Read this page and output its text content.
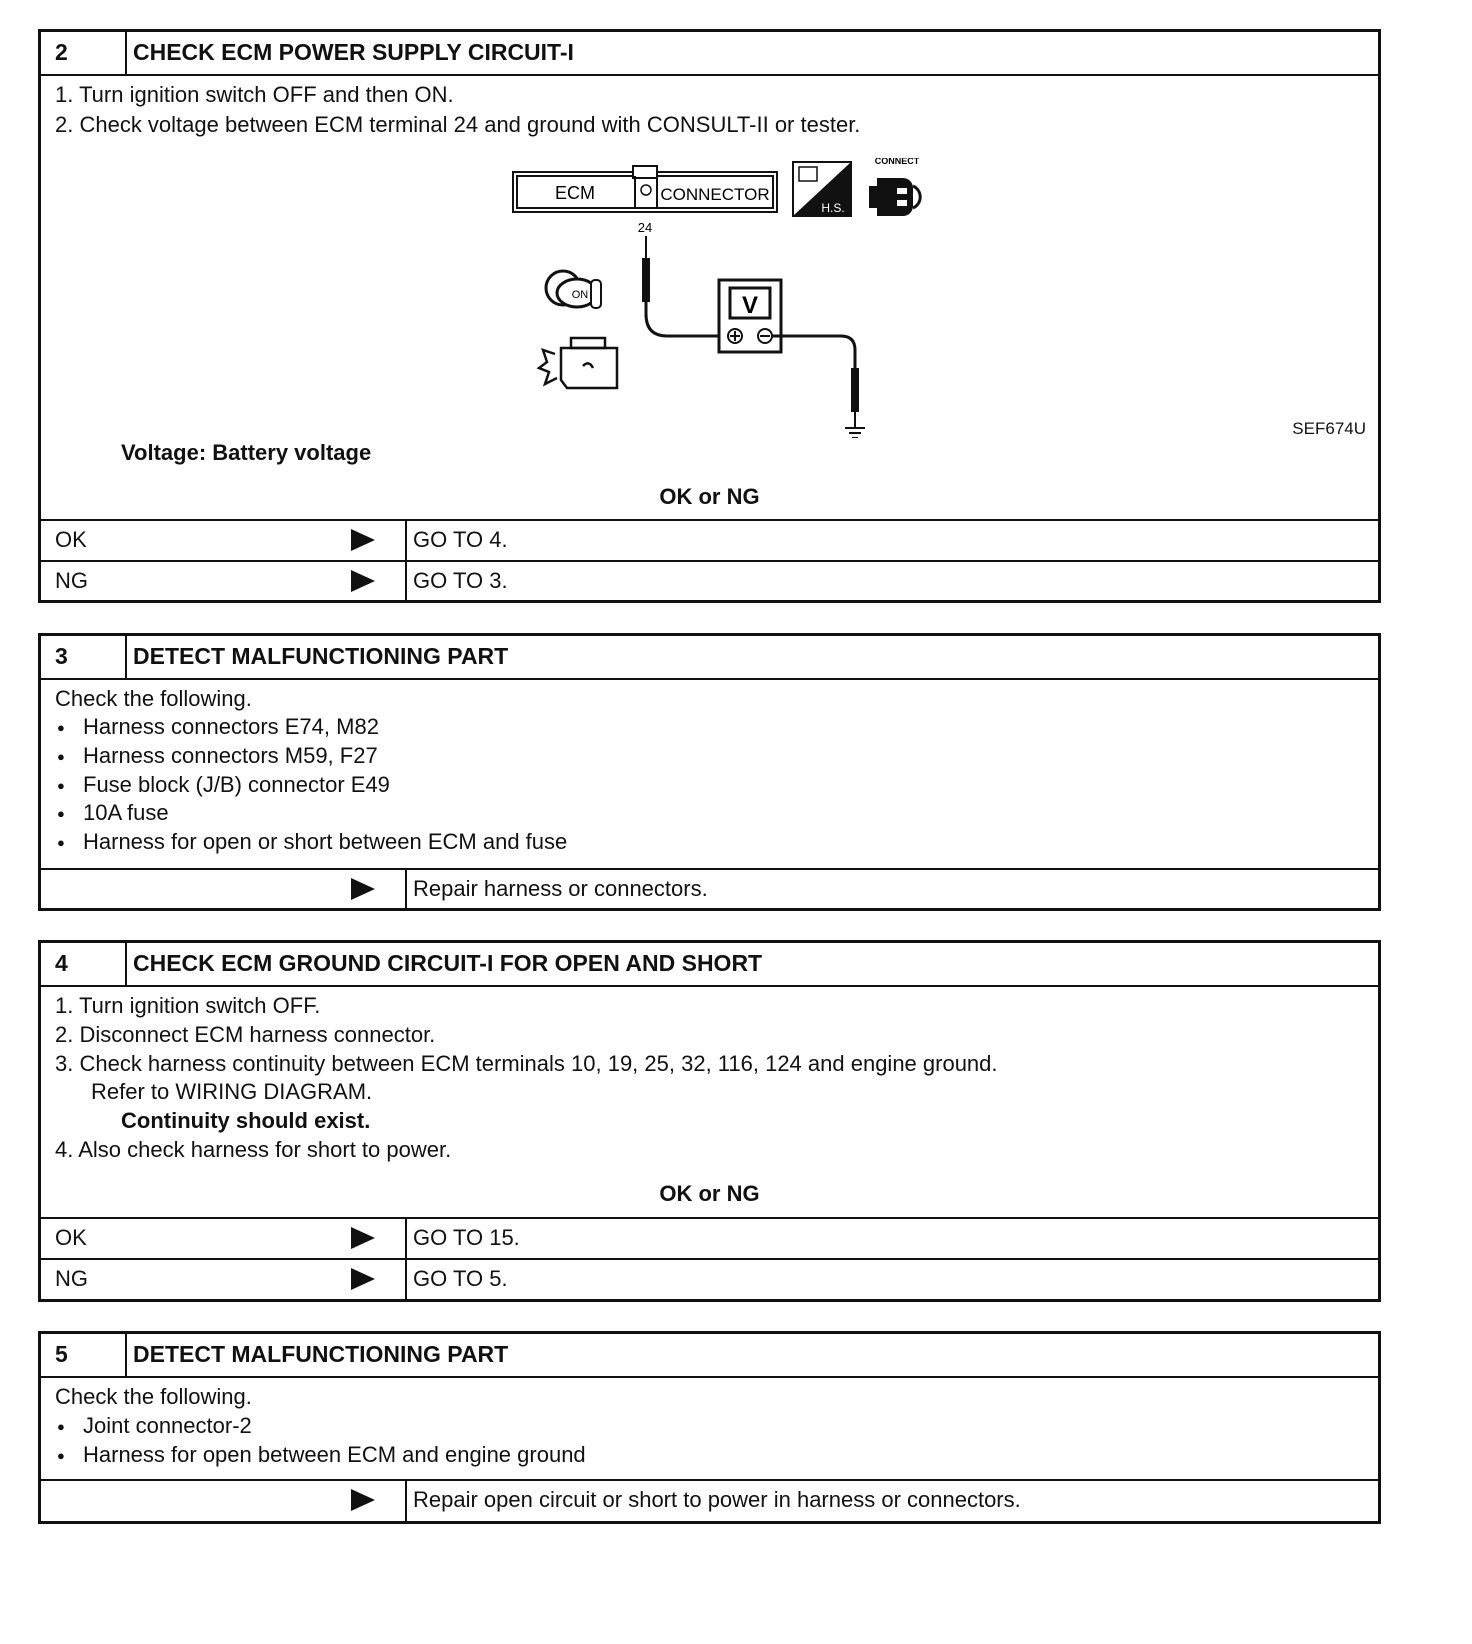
2	CHECK ECM POWER SUPPLY CIRCUIT-I
1. Turn ignition switch OFF and then ON.
2. Check voltage between ECM terminal 24 and ground with CONSULT-II or tester.
ECM	CONNECTOR
H.S.
CONNECT
24
V
ON
SEF674U
Voltage: Battery voltage
OK or NG
OK	GO TO 4.
NG	GO TO 3.
3	DETECT MALFUNCTIONING PART
Check the following.
● Harness connectors E74, M82
● Harness connectors M59, F27
● Fuse block (J/B) connector E49
● 10A fuse
● Harness for open or short between ECM and fuse
Repair harness or connectors.
4	CHECK ECM GROUND CIRCUIT-I FOR OPEN AND SHORT
1. Turn ignition switch OFF.
2. Disconnect ECM harness connector.
3. Check harness continuity between ECM terminals 10, 19, 25, 32, 116, 124 and engine ground.
Refer to WIRING DIAGRAM.
Continuity should exist.
4. Also check harness for short to power.
OK or NG
OK	GO TO 15.
NG	GO TO 5.
5	DETECT MALFUNCTIONING PART
Check the following.
● Joint connector-2
● Harness for open between ECM and engine ground
Repair open circuit or short to power in harness or connectors.
